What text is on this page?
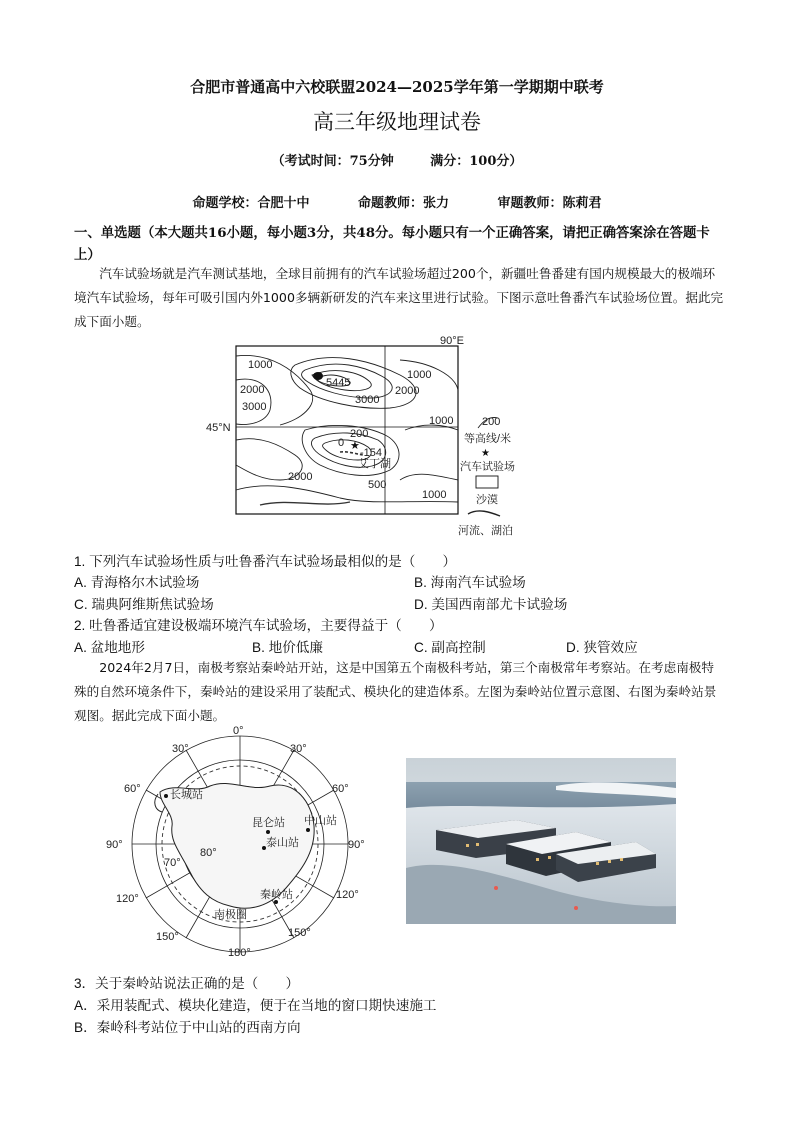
合肥市普通高中六校联盟2024—2025学年第一学期期中联考
高三年级地理试卷
（考试时间：75分钟	满分：100分）
命题学校：合肥十中	命题教师：张力	审题教师：陈莉君
一、单选题（本大题共16小题，每小题3分，共48分。每小题只有一个正确答案，请把正确答案涂在答题卡上）
汽车试验场就是汽车测试基地，全球目前拥有的汽车试验场超过200个，新疆吐鲁番建有国内规模最大的极端环境汽车试验场，每年可吸引国内外1000多辆新研发的汽车来这里进行试验。下图示意吐鲁番汽车试验场位置。据此完成下面小题。
90°E
45°N
1000
2000
3000
5445
1000
2000
3000
1000
200
0
-154
2000
500
1000
★
艾丁湖
200
等高线/米
★
汽车试验场
沙漠
河流、湖泊
1. 下列汽车试验场性质与吐鲁番汽车试验场最相似的是（　　）
A. 青海格尔木试验场	B. 海南汽车试验场
C. 瑞典阿维斯焦试验场	D. 美国西南部尤卡试验场
2. 吐鲁番适宜建设极端环境汽车试验场，主要得益于（　　）
A. 盆地地形	B. 地价低廉	C. 副高控制	D. 狭管效应
2024年2月7日，南极考察站秦岭站开站，这是中国第五个南极科考站，第三个南极常年考察站。在考虑南极特殊的自然环境条件下，秦岭站的建设采用了装配式、模块化的建造体系。左图为秦岭站位置示意图、右图为秦岭站景观图。据此完成下面小题。
0°
30°	30°
60°	60°
90°	90°
120°	120°
150°	150°
180°
70°
80°
长城站
昆仑站 中山站
泰山站
秦岭站
南极圈
3．关于秦岭站说法正确的是（　　）
A．采用装配式、模块化建造，便于在当地的窗口期快速施工
B．秦岭科考站位于中山站的西南方向
